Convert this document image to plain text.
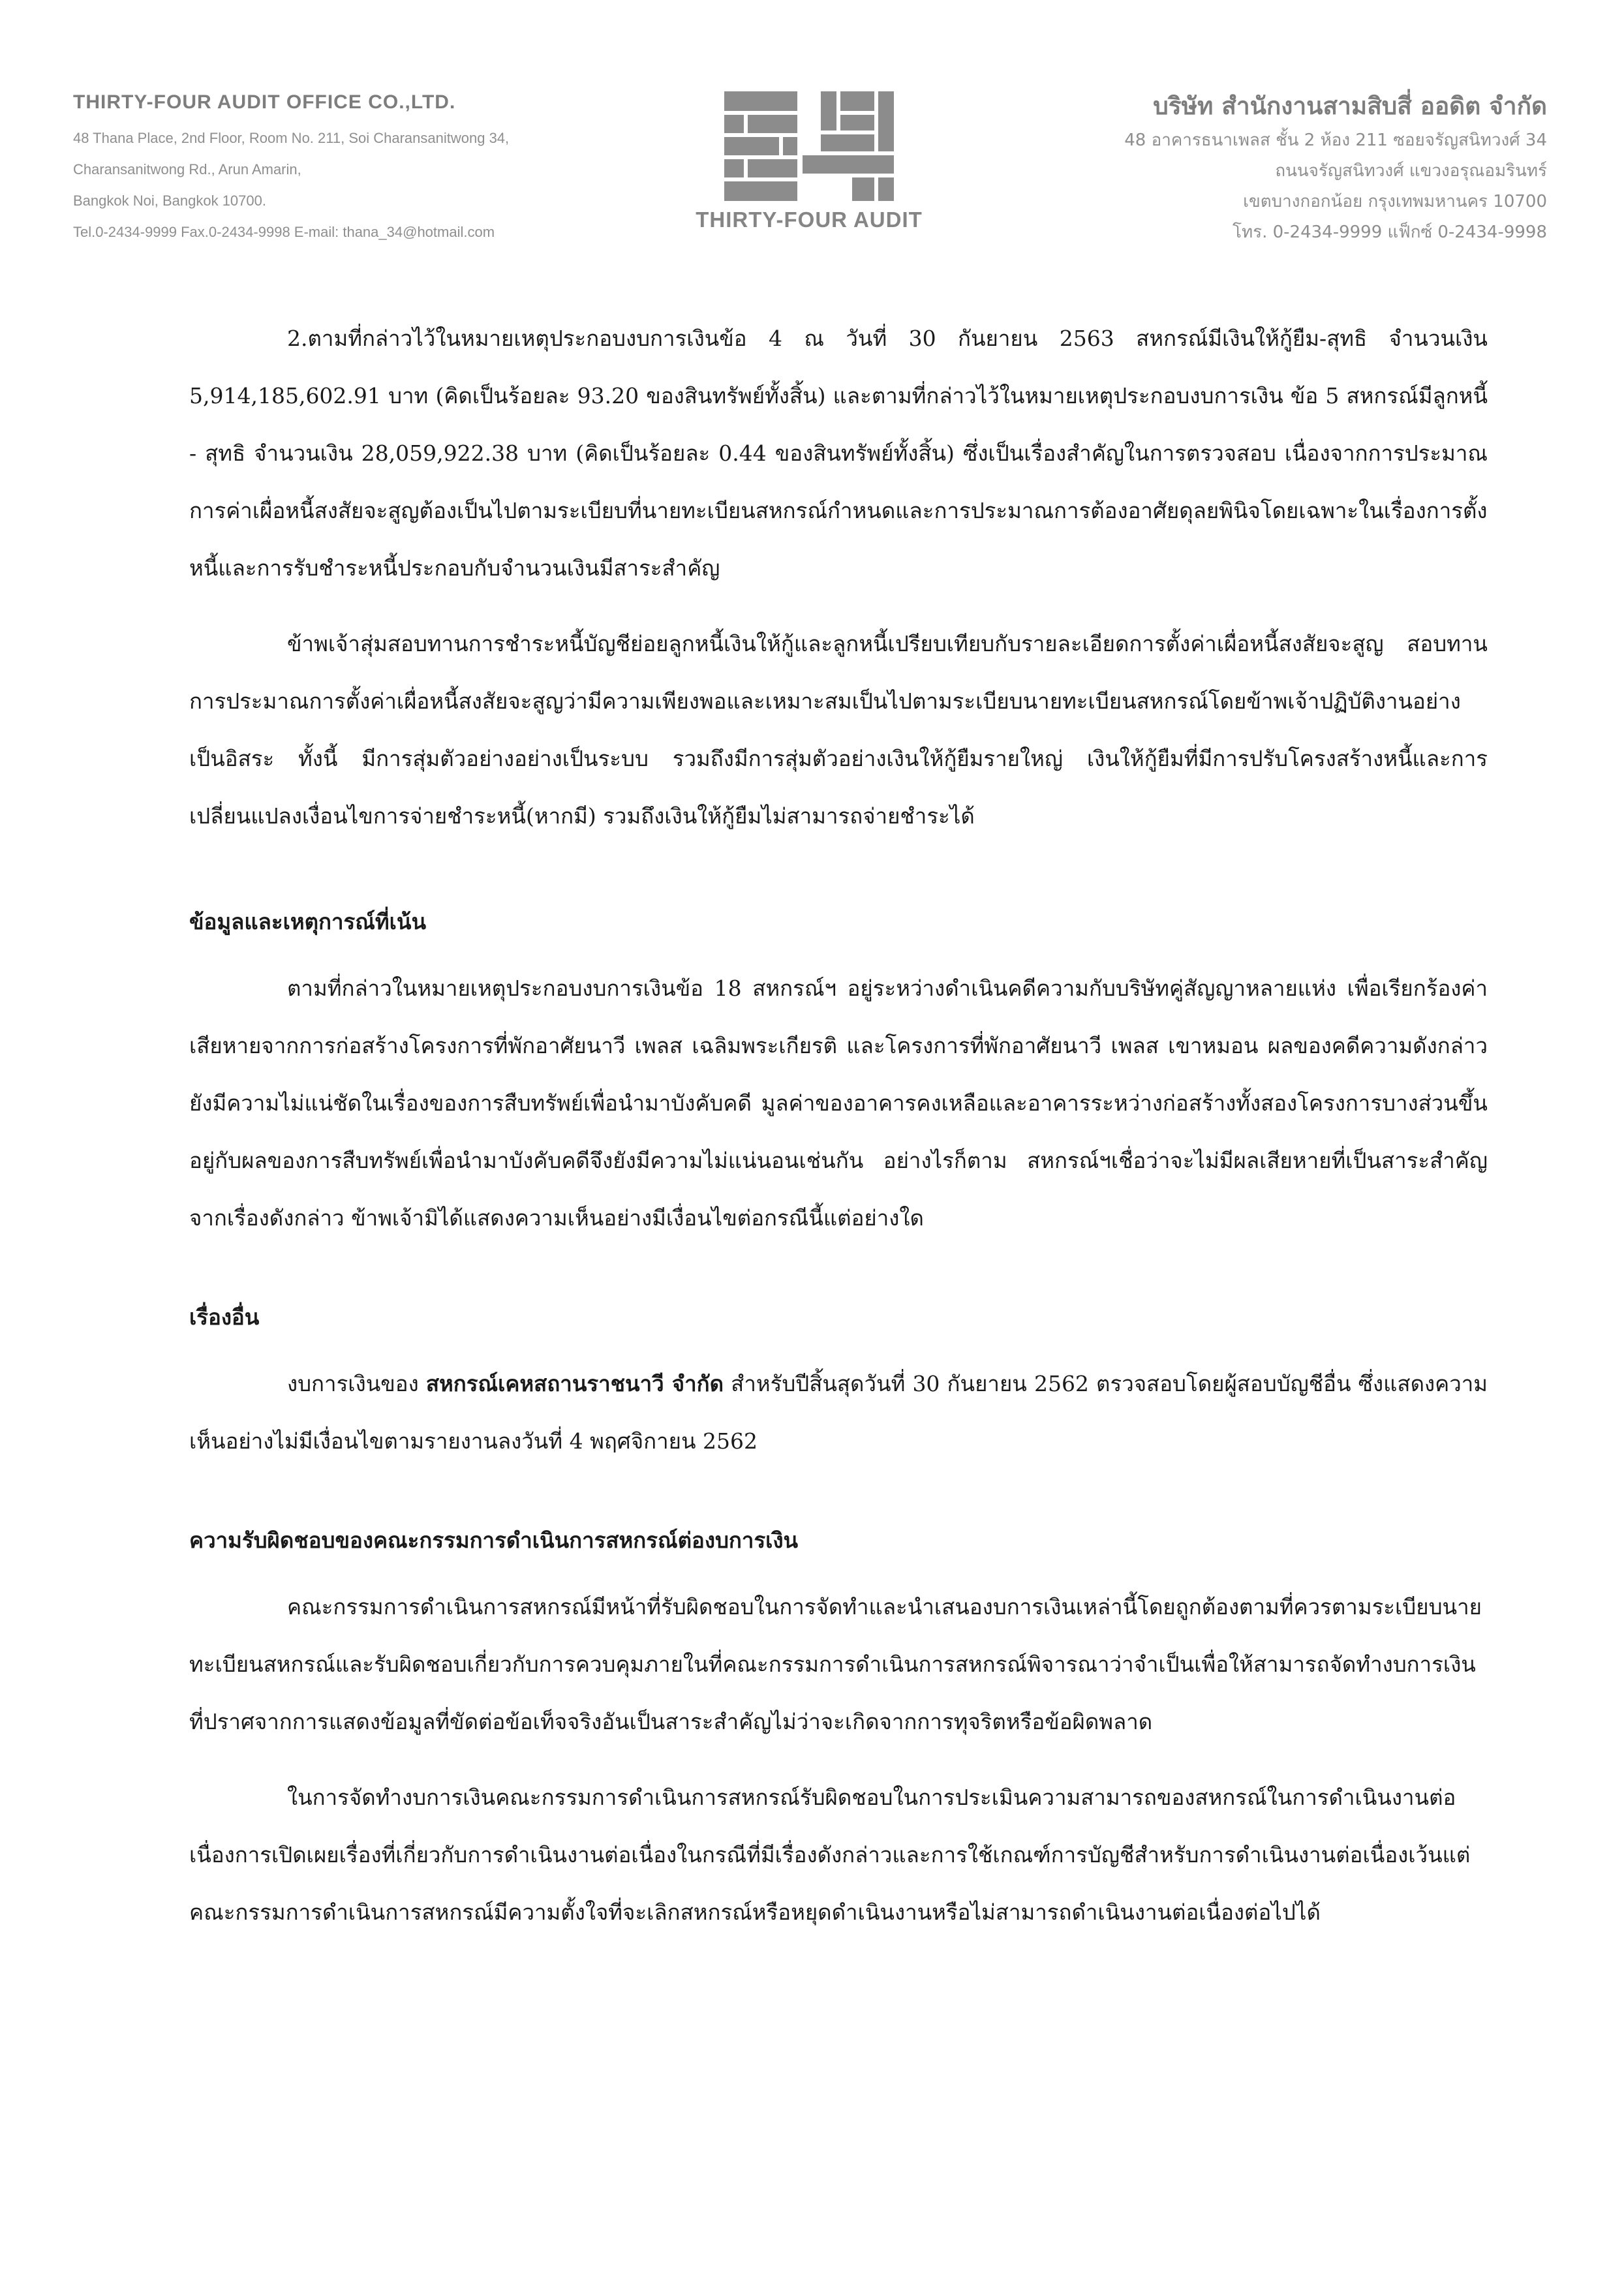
THIRTY-FOUR AUDIT OFFICE CO.,LTD.
48 Thana Place, 2nd Floor, Room No. 211, Soi Charansanitwong 34,
Charansanitwong Rd., Arun Amarin,
Bangkok Noi, Bangkok 10700.
Tel.0-2434-9999 Fax.0-2434-9998 E-mail: thana_34@hotmail.com
THIRTY-FOUR AUDIT
บริษัท สำนักงานสามสิบสี่ ออดิต จำกัด
48 อาคารธนาเพลส ชั้น 2 ห้อง 211 ซอยจรัญสนิทวงศ์ 34
ถนนจรัญสนิทวงศ์ แขวงอรุณอมรินทร์
เขตบางกอกน้อย กรุงเทพมหานคร 10700
โทร. 0-2434-9999 แฟ็กซ์ 0-2434-9998

2.ตามที่กล่าวไว้ในหมายเหตุประกอบงบการเงินข้อ 4 ณ วันที่ 30 กันยายน 2563 สหกรณ์มีเงินให้กู้ยืม-สุทธิ จำนวนเงิน 5,914,185,602.91 บาท (คิดเป็นร้อยละ 93.20 ของสินทรัพย์ทั้งสิ้น) และตามที่กล่าวไว้ในหมายเหตุประกอบงบการเงิน ข้อ 5 สหกรณ์มีลูกหนี้ - สุทธิ จำนวนเงิน 28,059,922.38 บาท (คิดเป็นร้อยละ 0.44 ของสินทรัพย์ทั้งสิ้น) ซึ่งเป็นเรื่องสำคัญในการตรวจสอบ เนื่องจากการประมาณการค่าเผื่อหนี้สงสัยจะสูญต้องเป็นไปตามระเบียบที่นายทะเบียนสหกรณ์กำหนดและการประมาณการต้องอาศัยดุลยพินิจโดยเฉพาะในเรื่องการตั้งหนี้และการรับชำระหนี้ประกอบกับจำนวนเงินมีสาระสำคัญ

ข้าพเจ้าสุ่มสอบทานการชำระหนี้บัญชีย่อยลูกหนี้เงินให้กู้และลูกหนี้เปรียบเทียบกับรายละเอียดการตั้งค่าเผื่อหนี้สงสัยจะสูญ สอบทานการประมาณการตั้งค่าเผื่อหนี้สงสัยจะสูญว่ามีความเพียงพอและเหมาะสมเป็นไปตามระเบียบนายทะเบียนสหกรณ์โดยข้าพเจ้าปฏิบัติงานอย่างเป็นอิสระ ทั้งนี้ มีการสุ่มตัวอย่างอย่างเป็นระบบ รวมถึงมีการสุ่มตัวอย่างเงินให้กู้ยืมรายใหญ่ เงินให้กู้ยืมที่มีการปรับโครงสร้างหนี้และการเปลี่ยนแปลงเงื่อนไขการจ่ายชำระหนี้(หากมี) รวมถึงเงินให้กู้ยืมไม่สามารถจ่ายชำระได้

ข้อมูลและเหตุการณ์ที่เน้น

ตามที่กล่าวในหมายเหตุประกอบงบการเงินข้อ 18 สหกรณ์ฯ อยู่ระหว่างดำเนินคดีความกับบริษัทคู่สัญญาหลายแห่ง เพื่อเรียกร้องค่าเสียหายจากการก่อสร้างโครงการที่พักอาศัยนาวี เพลส เฉลิมพระเกียรติ และโครงการที่พักอาศัยนาวี เพลส เขาหมอน ผลของคดีความดังกล่าวยังมีความไม่แน่ชัดในเรื่องของการสืบทรัพย์เพื่อนำมาบังคับคดี มูลค่าของอาคารคงเหลือและอาคารระหว่างก่อสร้างทั้งสองโครงการบางส่วนขึ้นอยู่กับผลของการสืบทรัพย์เพื่อนำมาบังคับคดีจึงยังมีความไม่แน่นอนเช่นกัน อย่างไรก็ตาม สหกรณ์ฯเชื่อว่าจะไม่มีผลเสียหายที่เป็นสาระสำคัญจากเรื่องดังกล่าว ข้าพเจ้ามิได้แสดงความเห็นอย่างมีเงื่อนไขต่อกรณีนี้แต่อย่างใด

เรื่องอื่น

งบการเงินของ สหกรณ์เคหสถานราชนาวี จำกัด สำหรับปีสิ้นสุดวันที่ 30 กันยายน 2562 ตรวจสอบโดยผู้สอบบัญชีอื่น ซึ่งแสดงความเห็นอย่างไม่มีเงื่อนไขตามรายงานลงวันที่ 4 พฤศจิกายน 2562

ความรับผิดชอบของคณะกรรมการดำเนินการสหกรณ์ต่องบการเงิน

คณะกรรมการดำเนินการสหกรณ์มีหน้าที่รับผิดชอบในการจัดทำและนำเสนองบการเงินเหล่านี้โดยถูกต้องตามที่ควรตามระเบียบนายทะเบียนสหกรณ์และรับผิดชอบเกี่ยวกับการควบคุมภายในที่คณะกรรมการดำเนินการสหกรณ์พิจารณาว่าจำเป็นเพื่อให้สามารถจัดทำงบการเงินที่ปราศจากการแสดงข้อมูลที่ขัดต่อข้อเท็จจริงอันเป็นสาระสำคัญไม่ว่าจะเกิดจากการทุจริตหรือข้อผิดพลาด

ในการจัดทำงบการเงินคณะกรรมการดำเนินการสหกรณ์รับผิดชอบในการประเมินความสามารถของสหกรณ์ในการดำเนินงานต่อเนื่องการเปิดเผยเรื่องที่เกี่ยวกับการดำเนินงานต่อเนื่องในกรณีที่มีเรื่องดังกล่าวและการใช้เกณฑ์การบัญชีสำหรับการดำเนินงานต่อเนื่องเว้นแต่คณะกรรมการดำเนินการสหกรณ์มีความตั้งใจที่จะเลิกสหกรณ์หรือหยุดดำเนินงานหรือไม่สามารถดำเนินงานต่อเนื่องต่อไปได้
